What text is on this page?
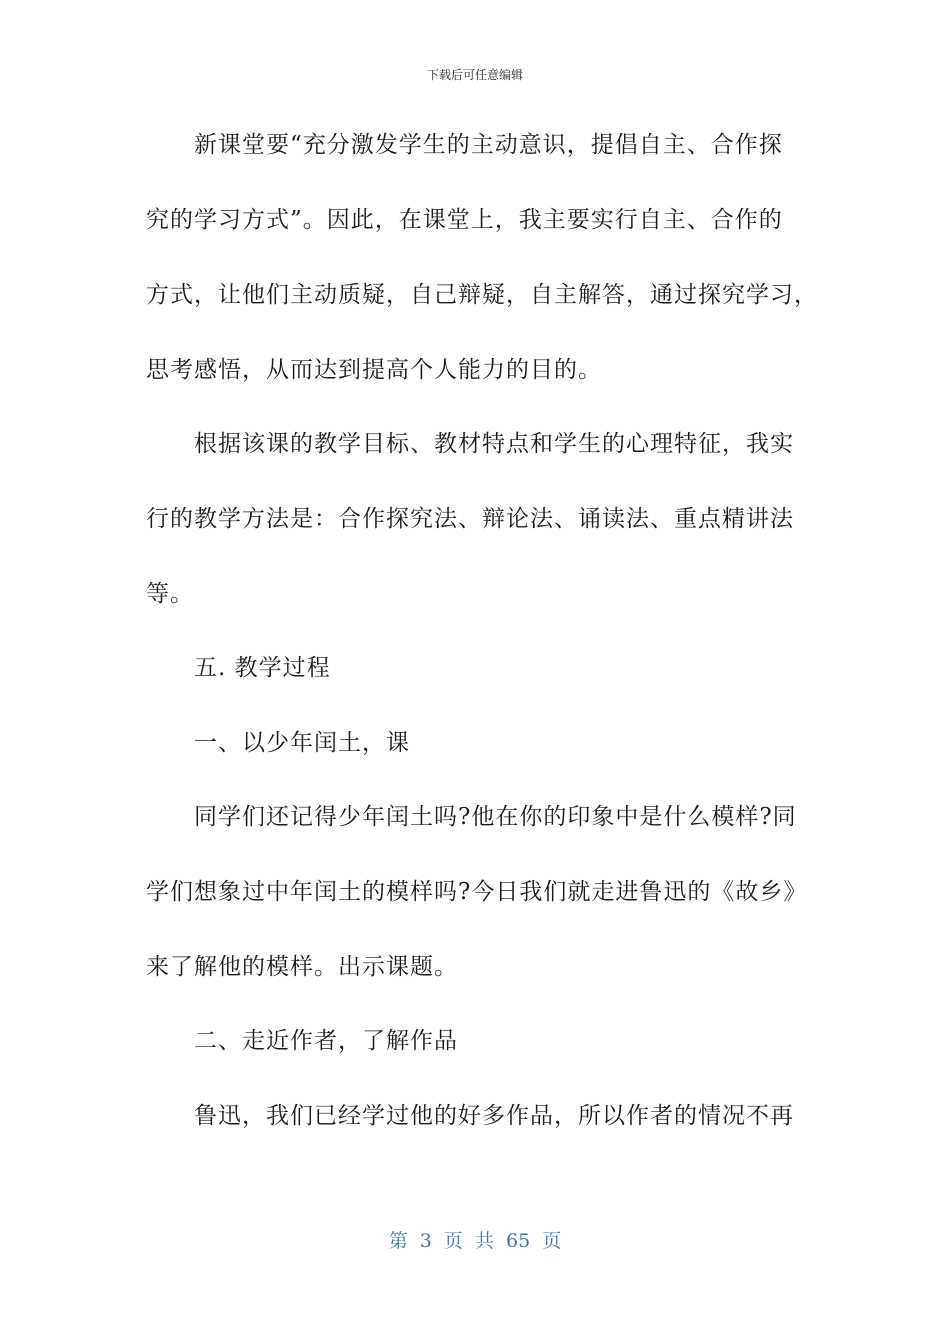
下载后可任意编辑
新课堂要“充分激发学生的主动意识，提倡自主、合作探
究的学习方式”。因此，在课堂上，我主要实行自主、合作的
方式，让他们主动质疑，自己辩疑，自主解答，通过探究学习，
思考感悟，从而达到提高个人能力的目的。
根据该课的教学目标、教材特点和学生的心理特征，我实
行的教学方法是：合作探究法、辩论法、诵读法、重点精讲法
等。
五. 教学过程
一、以少年闰土，课
同学们还记得少年闰土吗?他在你的印象中是什么模样?同
学们想象过中年闰土的模样吗?今日我们就走进鲁迅的《故乡》
来了解他的模样。出示课题。
二、走近作者，了解作品
鲁迅，我们已经学过他的好多作品，所以作者的情况不再
第 3 页 共 65 页
